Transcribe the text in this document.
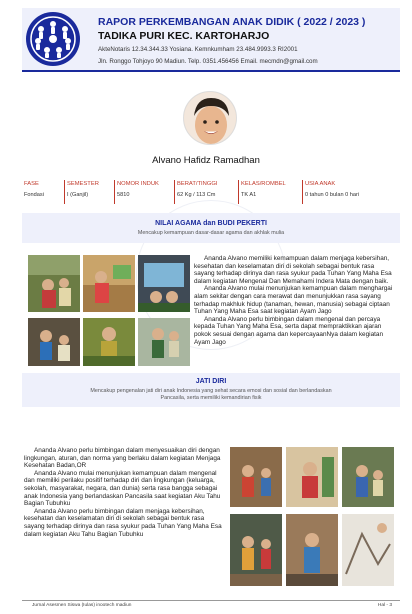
RAPOR PERKEMBANGAN ANAK DIDIK ( 2022 / 2023 )
TADIKA PURI KEC. KARTOHARJO
AkteNotaris 12.34.344.33 Yosiana. Kemnkumham 23.484.9993.3 RI2001
Jln. Ronggo Tohjoyo 90 Madiun. Telp. 0351.456456 Email. mecmdn@gmail.com
Alvano Hafidz Ramadhan
FASE
Fondasi
SEMESTER
I (Ganjil)
NOMOR INDUK
5810
BERAT/TINGGI
62 Kg / 113 Cm
KELAS/ROMBEL
TK A1
USIA ANAK
0 tahun 0 bulan 0 hari
NILAI AGAMA dan BUDI PEKERTI
Mencakup kemampuan dasar-dasar agama dan akhlak mulia

Ananda Alvano memiliki kemampuan dalam menjaga kebersihan, kesehatan dan keselamatan diri di sekolah sebagai bentuk rasa sayang terhadap dirinya dan rasa syukur pada Tuhan Yang Maha Esa dalam kegiatan Mengenal Dan Memahami Indera Mata dengan baik.

Ananda Alvano mulai menunjukan kemampuan dalam menghargai alam sekitar dengan cara merawat dan menunjukkan rasa sayang terhadap makhluk hidup (tanaman, hewan, manusia) sebagai ciptaan Tuhan Yang Maha Esa saat kegiatan Ayam Jago

Ananda Alvano perlu bimbingan dalam mengenal dan percaya kepada Tuhan Yang Maha Esa, serta dapat mempraktikkan ajaran pokok sesuai dengan agama dan kepercayaanNya dalam kegiatan Ayam Jago

JATI DIRI
Mencakup pengenalan jati diri anak Indonesia yang sehat secara emosi dan sosial dan berlandaskan Pancasila, serta memiliki kemandirian fisik

Ananda Alvano perlu bimbingan dalam menyesuaikan diri dengan lingkungan, aturan, dan norma yang berlaku dalam kegiatan Menjaga Kesehatan Badan,OR

Ananda Alvano mulai menunjukan kemampuan dalam mengenal dan memiliki perilaku positif terhadap diri dan lingkungan (keluarga, sekolah, masyarakat, negara, dan dunia) serta rasa bangga sebagai anak Indonesia yang berlandaskan Pancasila saat kegiatan Aku Tahu Bagian Tubuhku

Ananda Alvano perlu bimbingan dalam menjaga kebersihan, kesehatan dan keselamatan diri di sekolah sebagai bentuk rasa sayang terhadap dirinya dan rasa syukur pada Tuhan Yang Maha Esa dalam kegiatan Aku Tahu Bagian Tubuhku

Jurnal Asesmen Siswa (Iulas) inootech madiun	Hal - 3
